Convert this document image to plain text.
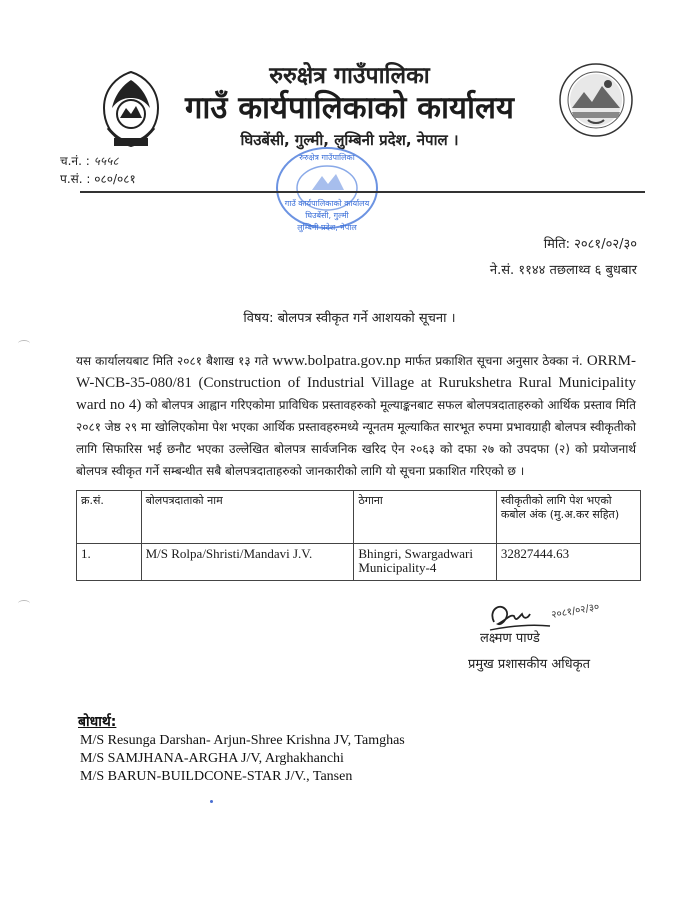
रुरुक्षेत्र गाउँपालिका
गाउँ कार्यपालिकाको कार्यालय
घिउबेंसी, गुल्मी, लुम्बिनी प्रदेश, नेपाल ।
च.नं. : ५५५८
प.सं. : ०८०/०८१
रुरुक्षेत्र गाउँपालिका
गाउँ कार्यपालिकाको कार्यालय
घिउबेंसी, गुल्मी
लुम्बिनी प्रदेश, नेपाल
मिति: २०८१/०२/३०
ने.सं. ११४४ तछलाथ्व ६ बुधबार
विषय: बोलपत्र स्वीकृत गर्ने आशयको सूचना ।
यस कार्यालयबाट मिति २०८१ बैशाख १३ गते www.bolpatra.gov.np मार्फत प्रकाशित सूचना अनुसार ठेक्का नं. ORRM-W-NCB-35-080/81 (Construction of Industrial Village at Rurukshetra Rural Municipality ward no 4) को बोलपत्र आह्वान गरिएकोमा प्राविधिक प्रस्तावहरुको मूल्याङ्कनबाट सफल बोलपत्रदाताहरुको आर्थिक प्रस्ताव मिति २०८१ जेष्ठ २९ मा खोलिएकोमा पेश भएका आर्थिक प्रस्तावहरुमध्ये न्यूनतम मूल्याकित सारभूत रुपमा प्रभावग्राही बोलपत्र स्वीकृतीको लागि सिफारिस भई छनौट भएका उल्लेखित बोलपत्र सार्वजनिक खरिद ऐन २०६३ को दफा २७ को उपदफा (२) को प्रयोजनार्थ बोलपत्र स्वीकृत गर्ने सम्बन्धीत सबै बोलपत्रदाताहरुको जानकारीको लागि यो सूचना प्रकाशित गरिएको छ ।
क्र.सं.	बोलपत्रदाताको नाम	ठेगाना	स्वीकृतीको लागि पेश भएको कबोल अंक (मु.अ.कर सहित)
1.	M/S Rolpa/Shristi/Mandavi J.V.	Bhingri, Swargadwari Municipality-4	32827444.63
२०८१/०२/३०
लक्ष्मण पाण्डे
प्रमुख प्रशासकीय अधिकृत
बोधार्थ:
M/S Resunga Darshan- Arjun-Shree Krishna JV, Tamghas
M/S SAMJHANA-ARGHA J/V, Arghakhanchi
M/S BARUN-BUILDCONE-STAR J/V., Tansen
